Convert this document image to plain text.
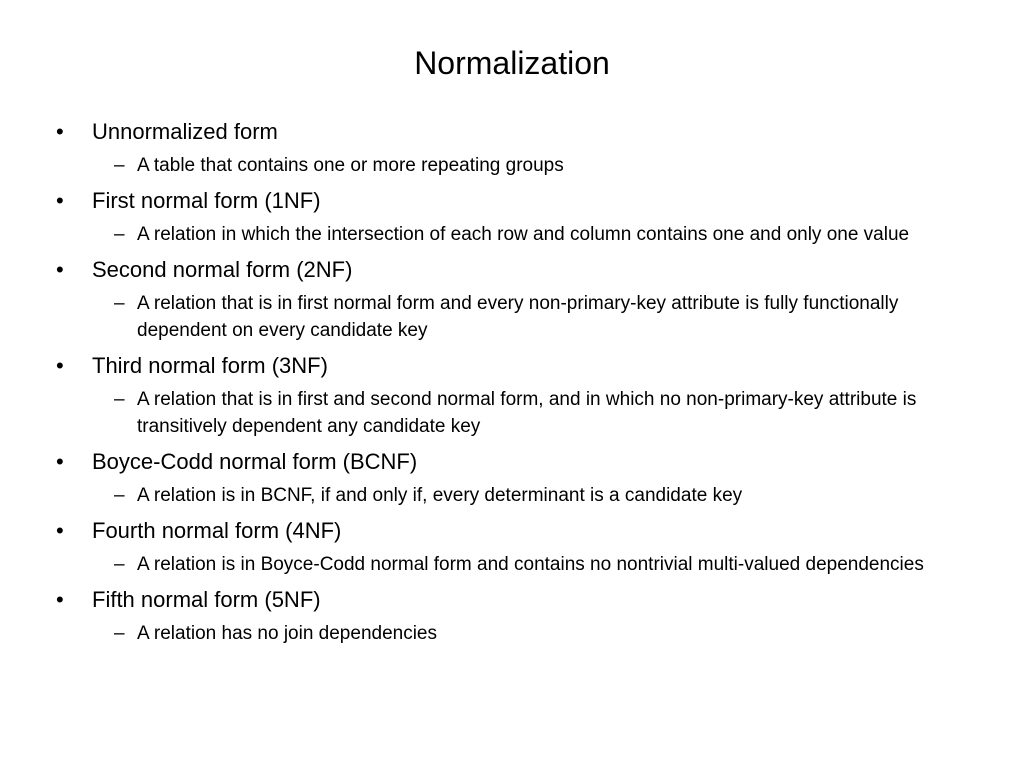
Normalization
•	Unnormalized form
– A table that contains one or more repeating groups
•	First normal form (1NF)
– A relation in which the intersection of each row and column contains one and only one value
•	Second normal form (2NF)
– A relation that is in first normal form and every non-primary-key attribute is fully functionally dependent on every candidate key
•	Third normal form (3NF)
– A relation that is in first and second normal form, and in which no non-primary-key attribute is transitively dependent any candidate key
•	Boyce-Codd normal form (BCNF)
– A relation is in BCNF, if and only if, every determinant is a candidate key
•	Fourth normal form (4NF)
– A relation is in Boyce-Codd normal form and contains no nontrivial multi-valued dependencies
•	Fifth normal form (5NF)
– A relation has no join dependencies
